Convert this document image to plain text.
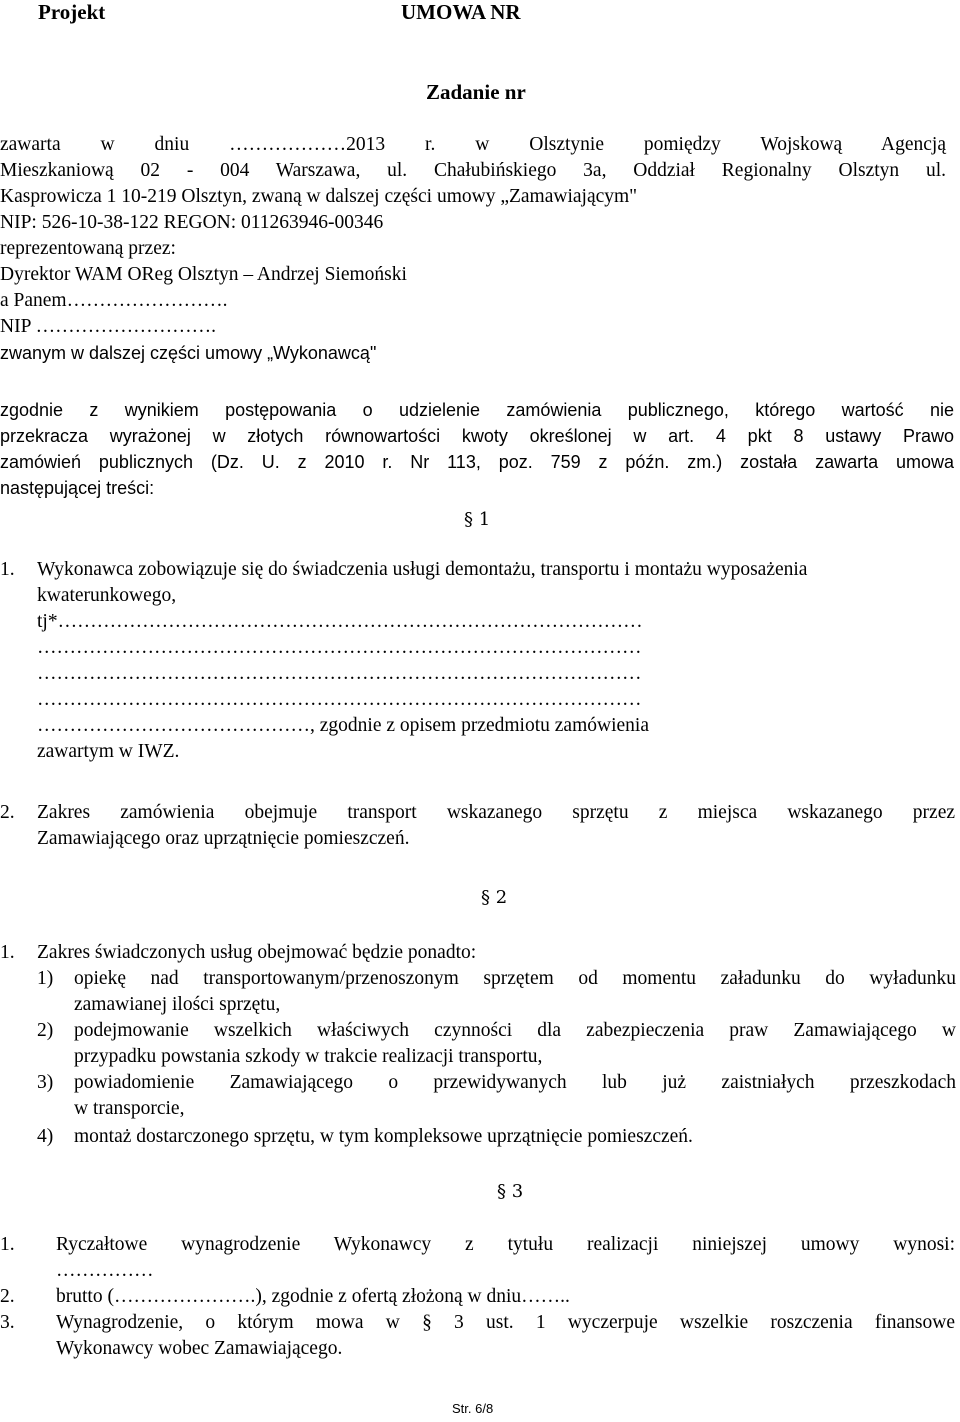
Projekt	UMOWA NR
Zadanie nr
zawarta w dniu ………………2013 r. w Olsztynie pomiędzy Wojskową Agencją
Mieszkaniową 02 - 004 Warszawa, ul. Chałubińskiego 3a, Oddział Regionalny Olsztyn ul.
Kasprowicza 1 10-219 Olsztyn, zwaną w dalszej części umowy „Zamawiającym"
NIP: 526-10-38-122 REGON: 011263946-00346
reprezentowaną przez:
Dyrektor WAM OReg Olsztyn – Andrzej Siemoński
a Panem…………………….
NIP ……………………….
zwanym w dalszej części umowy „Wykonawcą"
zgodnie z wynikiem postępowania o udzielenie zamówienia publicznego, którego wartość nie
przekracza wyrażonej w złotych równowartości kwoty określonej w art. 4 pkt 8 ustawy Prawo
zamówień publicznych (Dz. U. z 2010 r. Nr 113, poz. 759 z późn. zm.) została zawarta umowa
następującej treści:
§ 1
1. Wykonawca zobowiązuje się do świadczenia usługi demontażu, transportu i montażu wyposażenia
kwaterunkowego,
tj*………………………………………………………………………………
…………………………………………………………………………………
…………………………………………………………………………………
…………………………………………………………………………………
……………………………………, zgodnie z opisem przedmiotu zamówienia
zawartym w IWZ.
2. Zakres zamówienia obejmuje transport wskazanego sprzętu z miejsca wskazanego przez
Zamawiającego oraz uprzątnięcie pomieszczeń.
§ 2
1. Zakres świadczonych usług obejmować będzie ponadto:
1) opiekę nad transportowanym/przenoszonym sprzętem od momentu załadunku do wyładunku
zamawianej ilości sprzętu,
2) podejmowanie wszelkich właściwych czynności dla zabezpieczenia praw Zamawiającego w
przypadku powstania szkody w trakcie realizacji transportu,
3) powiadomienie Zamawiającego o przewidywanych lub już zaistniałych przeszkodach
w transporcie,
4) montaż dostarczonego sprzętu, w tym kompleksowe uprzątnięcie pomieszczeń.
§ 3
1. Ryczałtowe wynagrodzenie Wykonawcy z tytułu realizacji niniejszej umowy wynosi:
……………
2. brutto (………………….), zgodnie z ofertą złożoną w dniu……..
3. Wynagrodzenie, o którym mowa w § 3 ust. 1 wyczerpuje wszelkie roszczenia finansowe
Wykonawcy wobec Zamawiającego.
Str. 6/8
